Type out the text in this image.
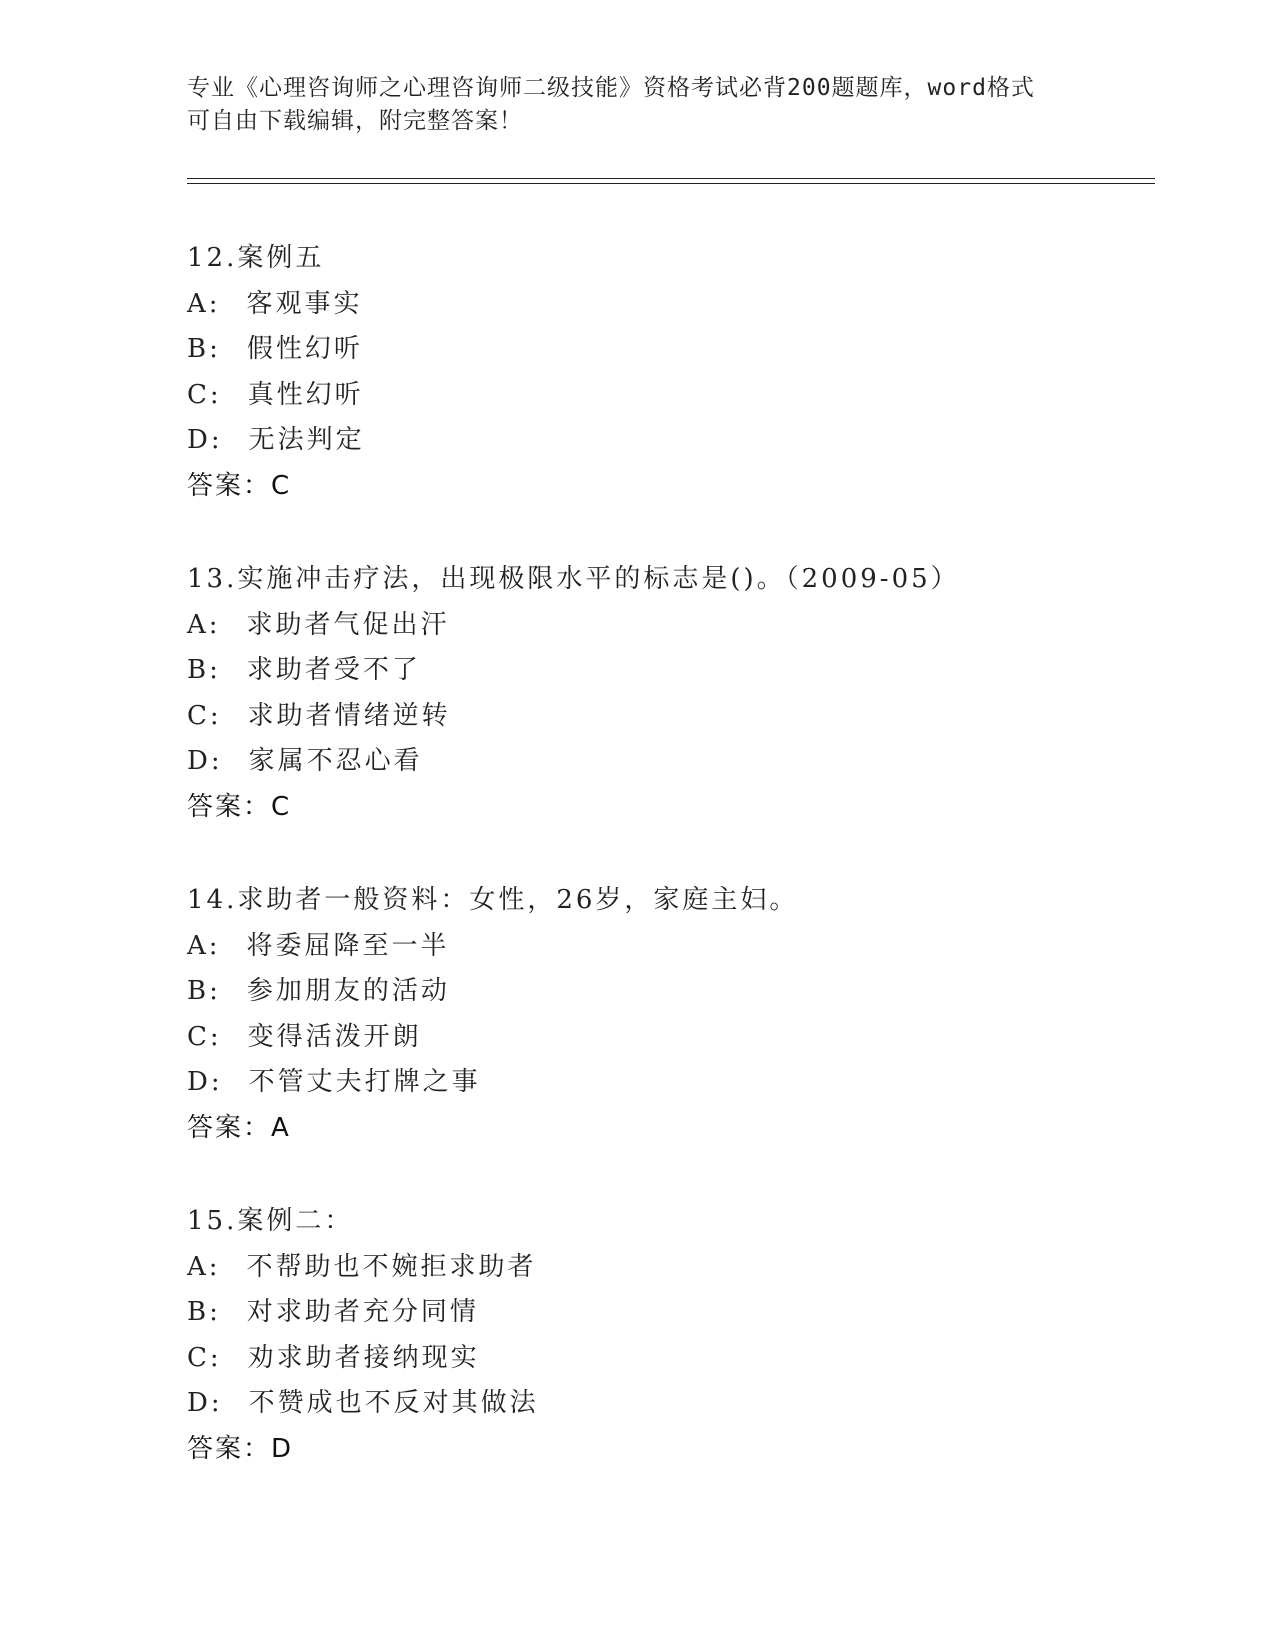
专业《心理咨询师之心理咨询师二级技能》资格考试必背200题题库，word格式
可自由下载编辑，附完整答案！
12.案例五
A: 客观事实
B: 假性幻听
C: 真性幻听
D: 无法判定
答案：C
13.实施冲击疗法，出现极限水平的标志是()。（2009-05）
A: 求助者气促出汗
B: 求助者受不了
C: 求助者情绪逆转
D: 家属不忍心看
答案：C
14.求助者一般资料：女性，26岁，家庭主妇。
A: 将委屈降至一半
B: 参加朋友的活动
C: 变得活泼开朗
D: 不管丈夫打牌之事
答案：A
15.案例二：
A: 不帮助也不婉拒求助者
B: 对求助者充分同情
C: 劝求助者接纳现实
D: 不赞成也不反对其做法
答案：D
